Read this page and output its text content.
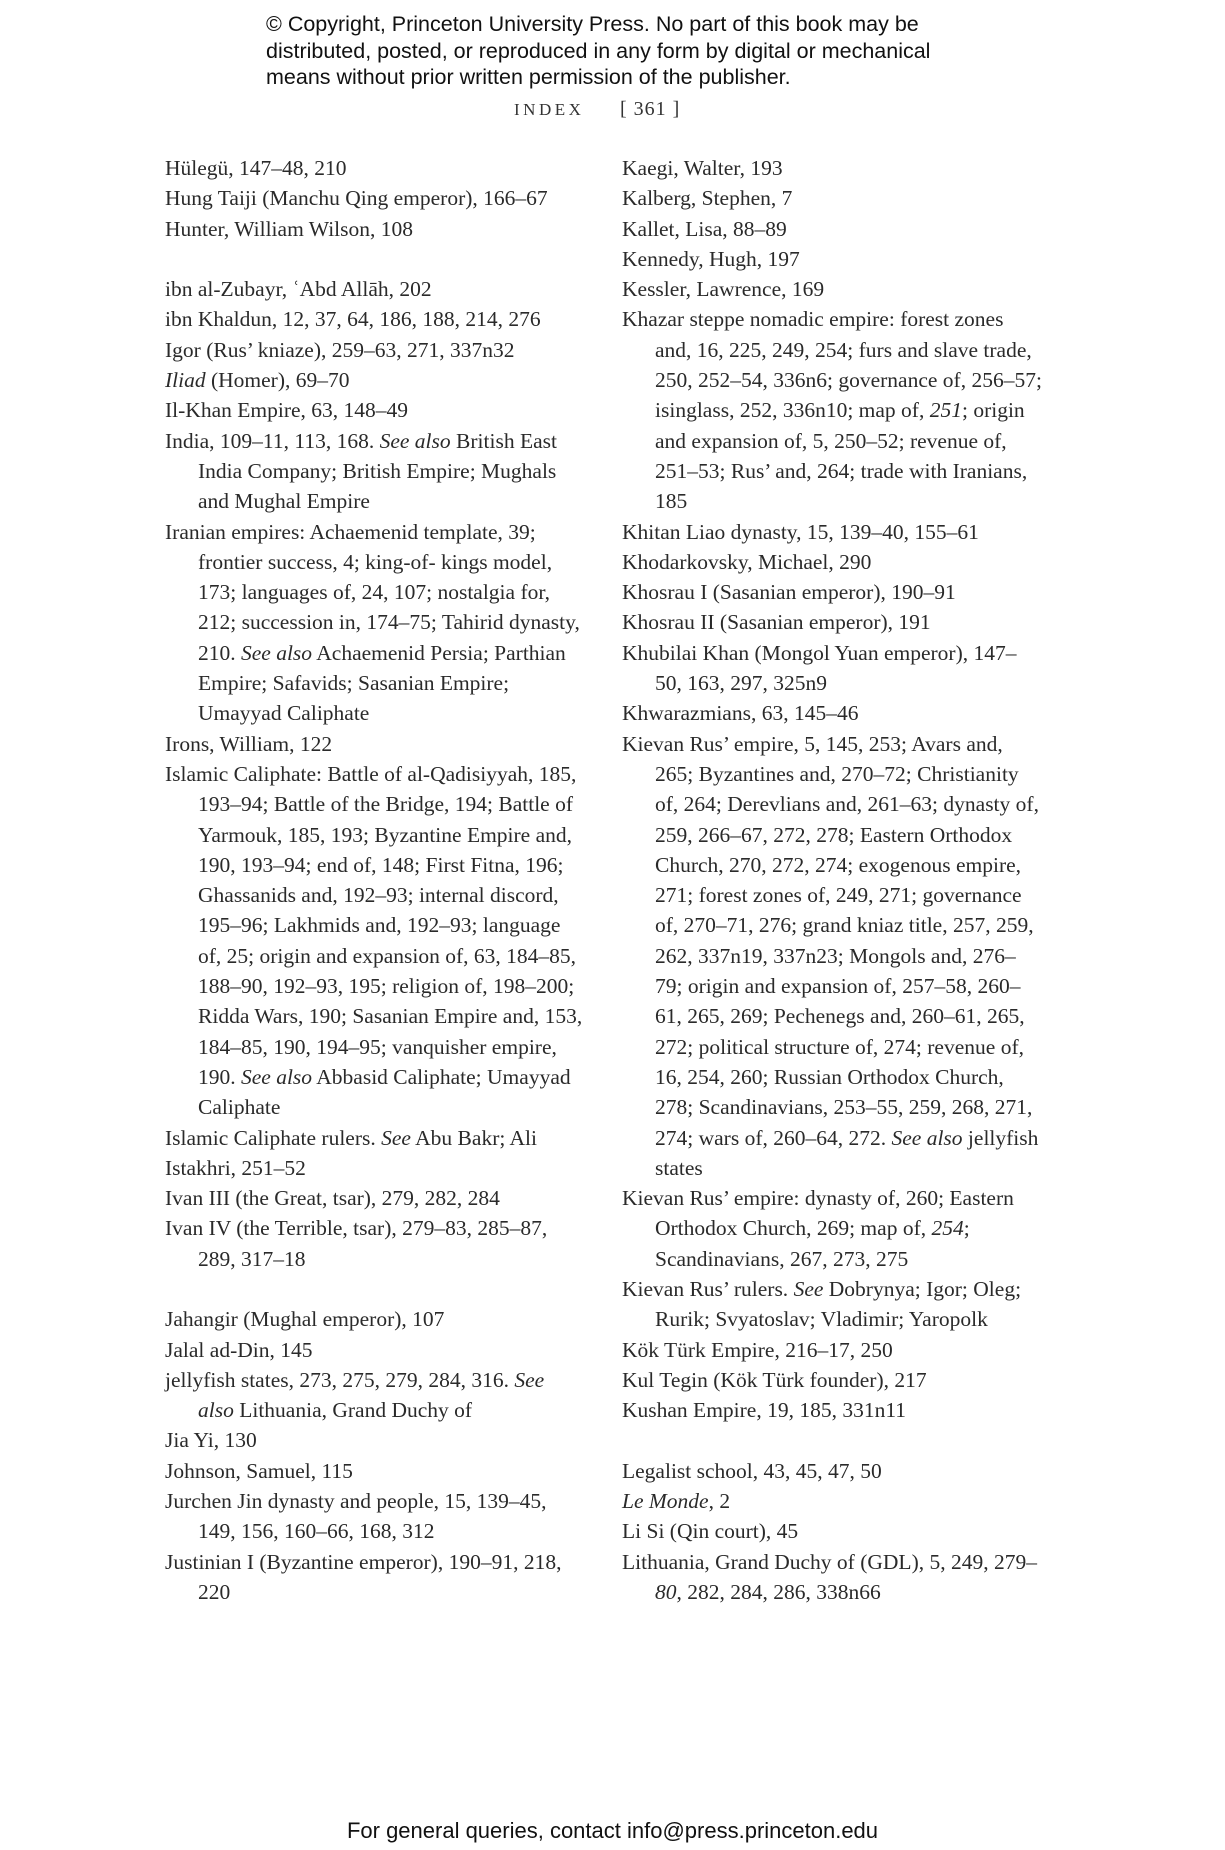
© Copyright, Princeton University Press. No part of this book may be
distributed, posted, or reproduced in any form by digital or mechanical
means without prior written permission of the publisher.
INDEX [ 361 ]
Hülegü, 147–48, 210
Hung Taiji (Manchu Qing emperor), 166–67
Hunter, William Wilson, 108
ibn al-Zubayr, ʿAbd Allāh, 202
ibn Khaldun, 12, 37, 64, 186, 188, 214, 276
Igor (Rus’ kniaze), 259–63, 271, 337n32
Iliad (Homer), 69–70
Il-Khan Empire, 63, 148–49
India, 109–11, 113, 168. See also British East India Company; British Empire; Mughals and Mughal Empire
Iranian empires: Achaemenid template, 39; frontier success, 4; king-of- kings model, 173; languages of, 24, 107; nostalgia for, 212; succession in, 174–75; Tahirid dynasty, 210. See also Achaemenid Persia; Parthian Empire; Safavids; Sasanian Empire; Umayyad Caliphate
Irons, William, 122
Islamic Caliphate: Battle of al-Qadisiyyah, 185, 193–94; Battle of the Bridge, 194; Battle of Yarmouk, 185, 193; Byzantine Empire and, 190, 193–94; end of, 148; First Fitna, 196; Ghassanids and, 192–93; internal discord, 195–96; Lakhmids and, 192–93; language of, 25; origin and expansion of, 63, 184–85, 188–90, 192–93, 195; religion of, 198–200; Ridda Wars, 190; Sasanian Empire and, 153, 184–85, 190, 194–95; vanquisher empire, 190. See also Abbasid Caliphate; Umayyad Caliphate
Islamic Caliphate rulers. See Abu Bakr; Ali
Istakhri, 251–52
Ivan III (the Great, tsar), 279, 282, 284
Ivan IV (the Terrible, tsar), 279–83, 285–87, 289, 317–18
Jahangir (Mughal emperor), 107
Jalal ad-Din, 145
jellyfish states, 273, 275, 279, 284, 316. See also Lithuania, Grand Duchy of
Jia Yi, 130
Johnson, Samuel, 115
Jurchen Jin dynasty and people, 15, 139–45, 149, 156, 160–66, 168, 312
Justinian I (Byzantine emperor), 190–91, 218, 220
Kaegi, Walter, 193
Kalberg, Stephen, 7
Kallet, Lisa, 88–89
Kennedy, Hugh, 197
Kessler, Lawrence, 169
Khazar steppe nomadic empire: forest zones and, 16, 225, 249, 254; furs and slave trade, 250, 252–54, 336n6; governance of, 256–57; isinglass, 252, 336n10; map of, 251; origin and expansion of, 5, 250–52; revenue of, 251–53; Rus’ and, 264; trade with Iranians, 185
Khitan Liao dynasty, 15, 139–40, 155–61
Khodarkovsky, Michael, 290
Khosrau I (Sasanian emperor), 190–91
Khosrau II (Sasanian emperor), 191
Khubilai Khan (Mongol Yuan emperor), 147–50, 163, 297, 325n9
Khwarazmians, 63, 145–46
Kievan Rus’ empire, 5, 145, 253; Avars and, 265; Byzantines and, 270–72; Christianity of, 264; Derevlians and, 261–63; dynasty of, 259, 266–67, 272, 278; Eastern Orthodox Church, 270, 272, 274; exogenous empire, 271; forest zones of, 249, 271; governance of, 270–71, 276; grand kniaz title, 257, 259, 262, 337n19, 337n23; Mongols and, 276–79; origin and expansion of, 257–58, 260–61, 265, 269; Pechenegs and, 260–61, 265, 272; political structure of, 274; revenue of, 16, 254, 260; Russian Orthodox Church, 278; Scandinavians, 253–55, 259, 268, 271, 274; wars of, 260–64, 272. See also jellyfish states
Kievan Rus’ empire: dynasty of, 260; Eastern Orthodox Church, 269; map of, 254; Scandinavians, 267, 273, 275
Kievan Rus’ rulers. See Dobrynya; Igor; Oleg; Rurik; Svyatoslav; Vladimir; Yaropolk
Kök Türk Empire, 216–17, 250
Kul Tegin (Kök Türk founder), 217
Kushan Empire, 19, 185, 331n11
Legalist school, 43, 45, 47, 50
Le Monde, 2
Li Si (Qin court), 45
Lithuania, Grand Duchy of (GDL), 5, 249, 279–80, 282, 284, 286, 338n66
For general queries, contact info@press.princeton.edu
